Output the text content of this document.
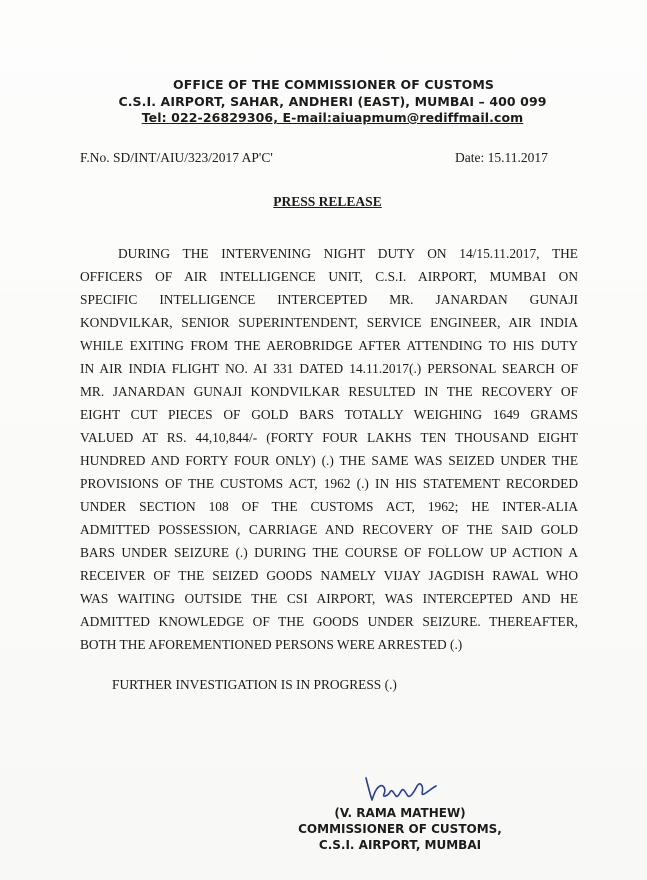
OFFICE OF THE COMMISSIONER OF CUSTOMS
C.S.I. AIRPORT, SAHAR, ANDHERI (EAST), MUMBAI – 400 099
Tel: 022-26829306, E-mail:aiuapmum@rediffmail.com
F.No. SD/INT/AIU/323/2017 AP'C'	Date: 15.11.2017
PRESS RELEASE
DURING THE INTERVENING NIGHT DUTY ON 14/15.11.2017, THE
OFFICERS OF AIR INTELLIGENCE UNIT, C.S.I. AIRPORT, MUMBAI ON
SPECIFIC INTELLIGENCE INTERCEPTED MR. JANARDAN GUNAJI
KONDVILKAR, SENIOR SUPERINTENDENT, SERVICE ENGINEER, AIR INDIA
WHILE EXITING FROM THE AEROBRIDGE AFTER ATTENDING TO HIS DUTY
IN AIR INDIA FLIGHT NO. AI 331 DATED 14.11.2017(.) PERSONAL SEARCH OF
MR. JANARDAN GUNAJI KONDVILKAR RESULTED IN THE RECOVERY OF
EIGHT CUT PIECES OF GOLD BARS TOTALLY WEIGHING 1649 GRAMS
VALUED AT RS. 44,10,844/- (FORTY FOUR LAKHS TEN THOUSAND EIGHT
HUNDRED AND FORTY FOUR ONLY) (.) THE SAME WAS SEIZED UNDER THE
PROVISIONS OF THE CUSTOMS ACT, 1962 (.) IN HIS STATEMENT RECORDED
UNDER SECTION 108 OF THE CUSTOMS ACT, 1962; HE INTER-ALIA
ADMITTED POSSESSION, CARRIAGE AND RECOVERY OF THE SAID GOLD
BARS UNDER SEIZURE (.) DURING THE COURSE OF FOLLOW UP ACTION A
RECEIVER OF THE SEIZED GOODS NAMELY VIJAY JAGDISH RAWAL WHO
WAS WAITING OUTSIDE THE CSI AIRPORT, WAS INTERCEPTED AND HE
ADMITTED KNOWLEDGE OF THE GOODS UNDER SEIZURE. THEREAFTER,
BOTH THE AFOREMENTIONED PERSONS WERE ARRESTED (.)
FURTHER INVESTIGATION IS IN PROGRESS (.)
(V. RAMA MATHEW)
COMMISSIONER OF CUSTOMS,
C.S.I. AIRPORT, MUMBAI
